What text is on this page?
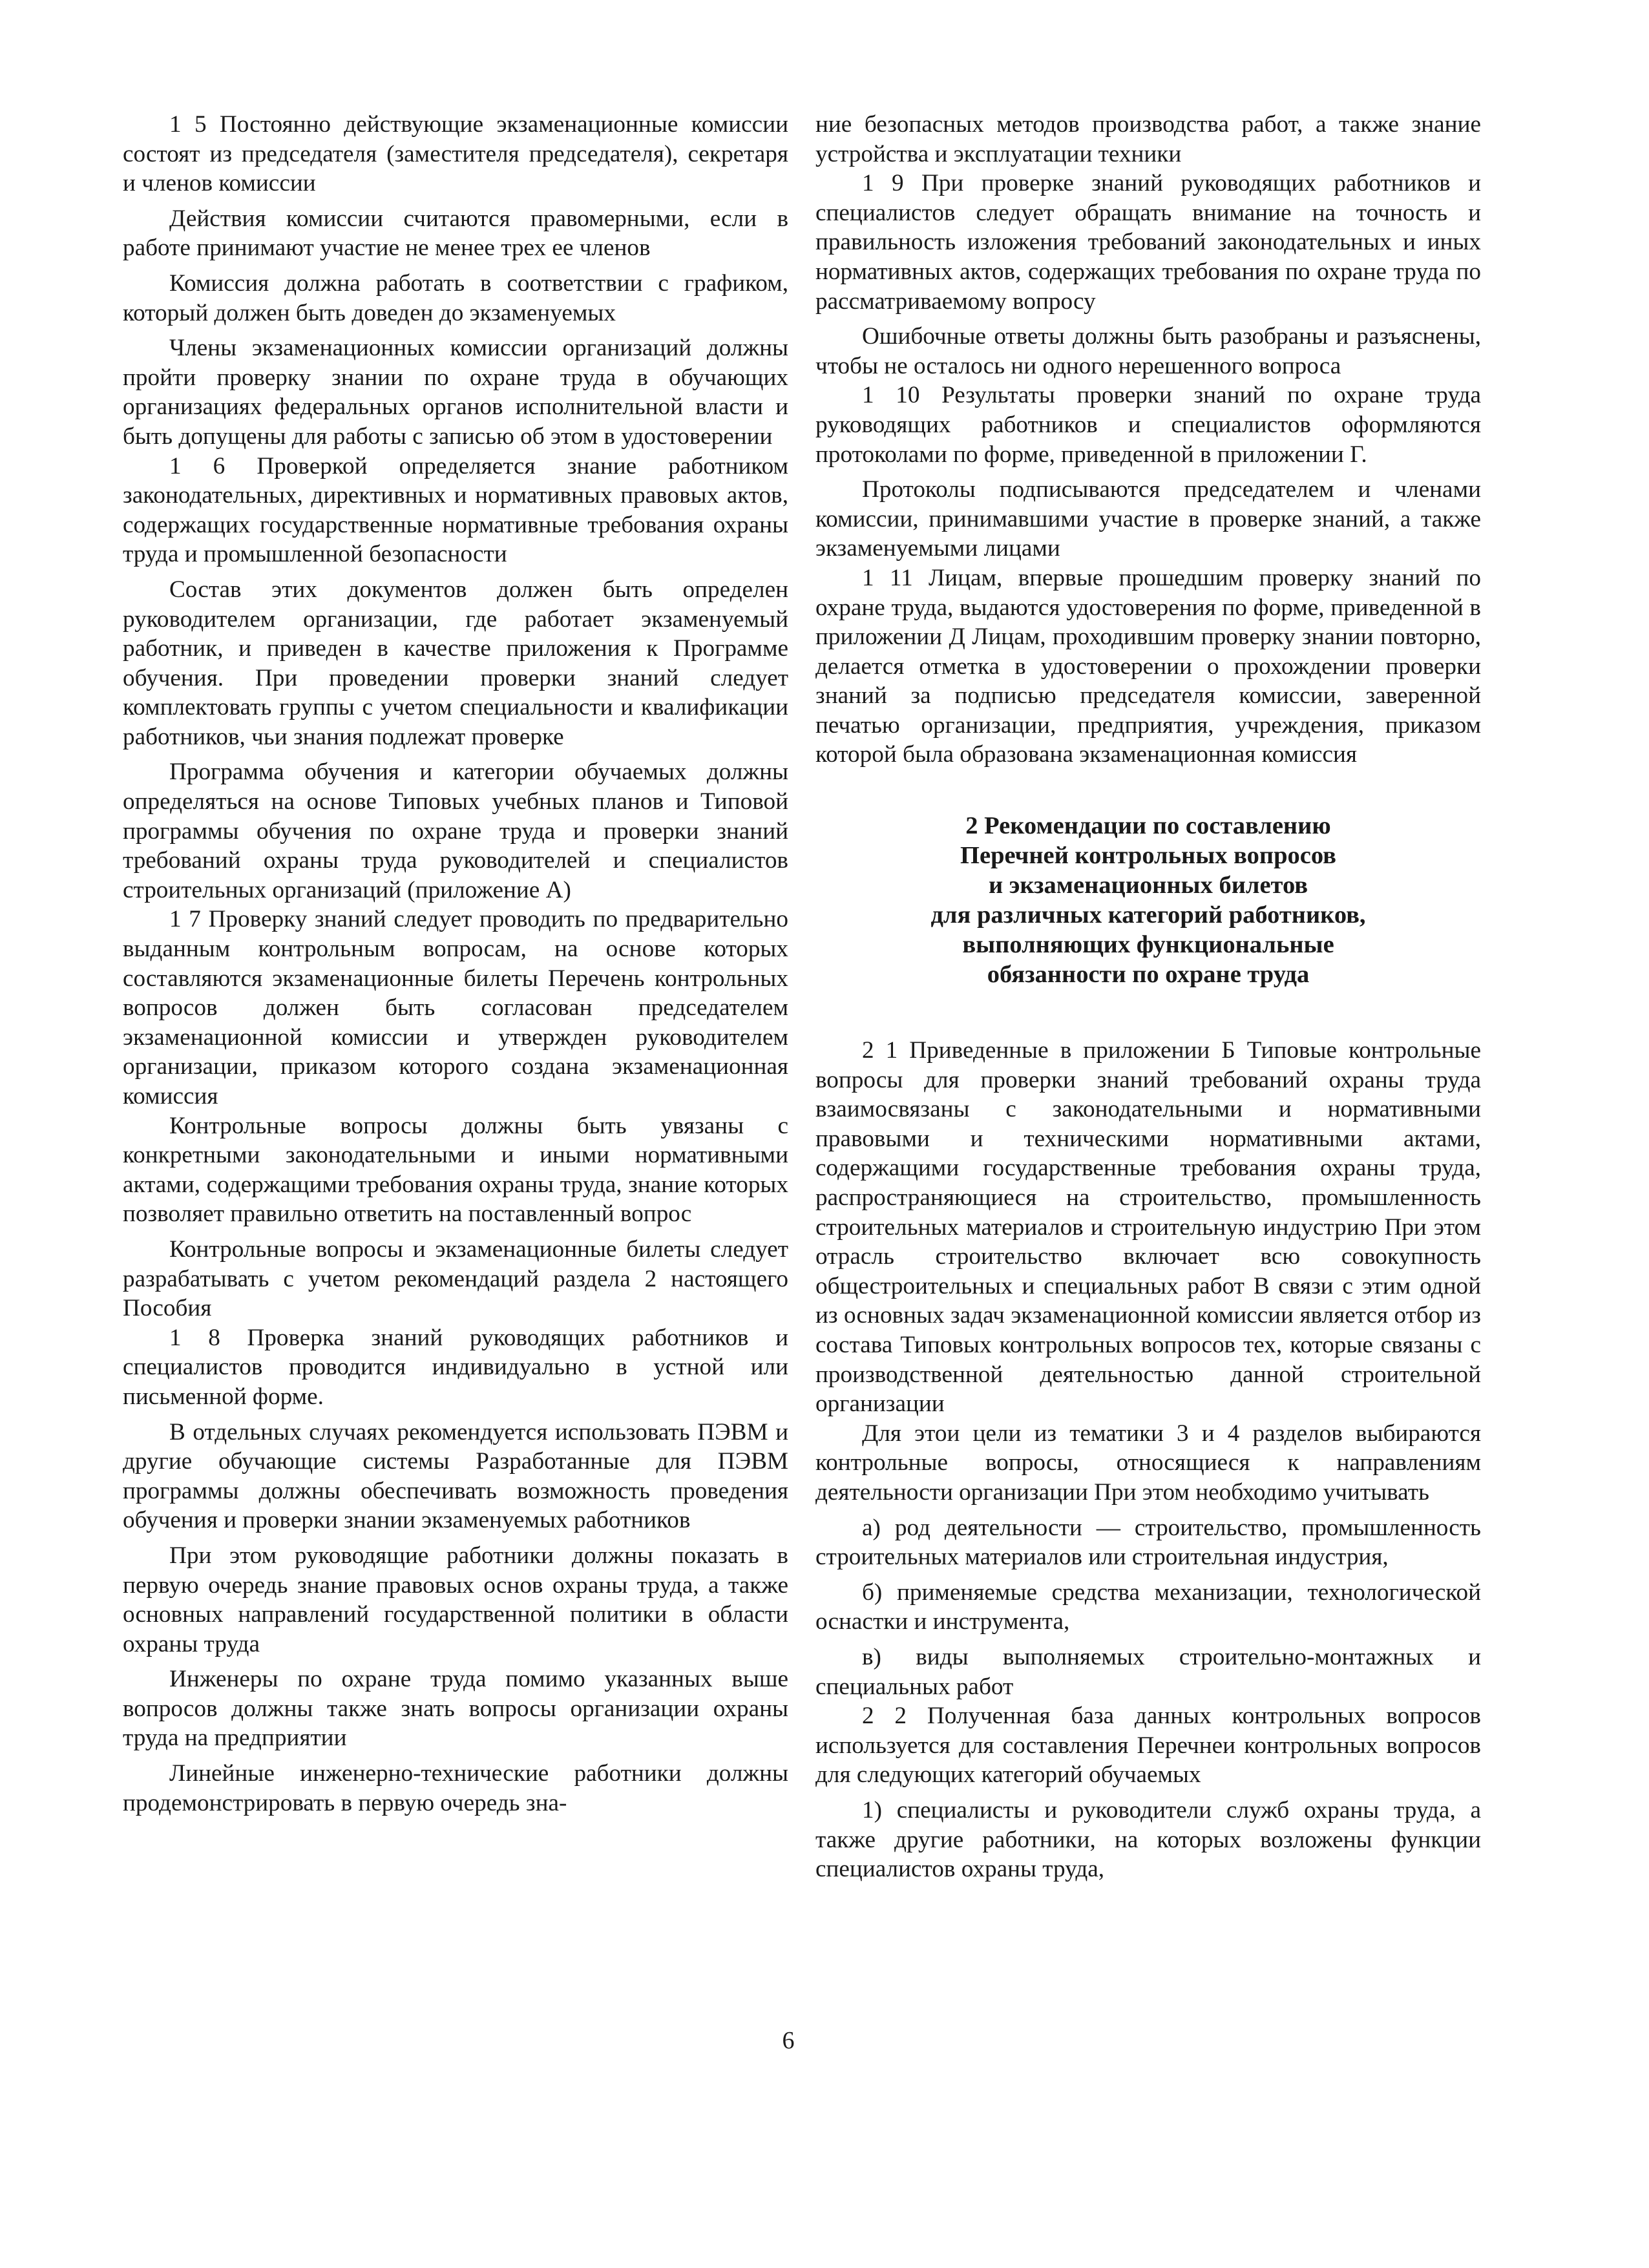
1 5 Постоянно действующие экзаменационные комиссии состоят из председателя (заместителя председателя), секретаря и членов комиссии

Действия комиссии считаются правомерными, если в работе принимают участие не менее трех ее членов

Комиссия должна работать в соответствии с графиком, который должен быть доведен до экзаменуемых

Члены экзаменационных комиссии организаций должны пройти проверку знании по охране труда в обучающих организациях федеральных органов исполнительной власти и быть допущены для работы с записью об этом в удостоверении

1 6 Проверкой определяется знание работником законодательных, директивных и нормативных правовых актов, содержащих государственные нормативные требования охраны труда и промышленной безопасности

Состав этих документов должен быть определен руководителем организации, где работает экзаменуемый работник, и приведен в качестве приложения к Программе обучения. При проведении проверки знаний следует комплектовать группы с учетом специальности и квалификации работников, чьи знания подлежат проверке

Программа обучения и категории обучаемых должны определяться на основе Типовых учебных планов и Типовой программы обучения по охране труда и проверки знаний требований охраны труда руководителей и специалистов строительных организаций (приложение А)

1 7 Проверку знаний следует проводить по предварительно выданным контрольным вопросам, на основе которых составляются экзаменационные билеты Перечень контрольных вопросов должен быть согласован председателем экзаменационной комиссии и утвержден руководителем организации, приказом которого создана экзаменационная комиссия

Контрольные вопросы должны быть увязаны с конкретными законодательными и иными нормативными актами, содержащими требования охраны труда, знание которых позволяет правильно ответить на поставленный вопрос

Контрольные вопросы и экзаменационные билеты следует разрабатывать с учетом рекомендаций раздела 2 настоящего Пособия

1 8 Проверка знаний руководящих работников и специалистов проводится индивидуально в устной или письменной форме.

В отдельных случаях рекомендуется использовать ПЭВМ и другие обучающие системы Разработанные для ПЭВМ программы должны обеспечивать возможность проведения обучения и проверки знании экзаменуемых работников

При этом руководящие работники должны показать в первую очередь знание правовых основ охраны труда, а также основных направлений государственной политики в области охраны труда

Инженеры по охране труда помимо указанных выше вопросов должны также знать вопросы организации охраны труда на предприятии

Линейные инженерно-технические работники должны продемонстрировать в первую очередь зна-

ние безопасных методов производства работ, а также знание устройства и эксплуатации техники

1 9 При проверке знаний руководящих работников и специалистов следует обращать внимание на точность и правильность изложения требований законодательных и иных нормативных актов, содержащих требования по охране труда по рассматриваемому вопросу

Ошибочные ответы должны быть разобраны и разъяснены, чтобы не осталось ни одного нерешенного вопроса

1 10 Результаты проверки знаний по охране труда руководящих работников и специалистов оформляются протоколами по форме, приведенной в приложении Г.

Протоколы подписываются председателем и членами комиссии, принимавшими участие в проверке знаний, а также экзаменуемыми лицами

1 11 Лицам, впервые прошедшим проверку знаний по охране труда, выдаются удостоверения по форме, приведенной в приложении Д Лицам, проходившим проверку знании повторно, делается отметка в удостоверении о прохождении проверки знаний за подписью председателя комиссии, заверенной печатью организации, предприятия, учреждения, приказом которой была образована экзаменационная комиссия

2 Рекомендации по составлению
Перечней контрольных вопросов
и экзаменационных билетов
для различных категорий работников,
выполняющих функциональные
обязанности по охране труда

2 1 Приведенные в приложении Б Типовые контрольные вопросы для проверки знаний требований охраны труда взаимосвязаны с законодательными и нормативными правовыми и техническими нормативными актами, содержащими государственные требования охраны труда, распространяющиеся на строительство, промышленность строительных материалов и строительную индустрию При этом отрасль строительство включает всю совокупность общестроительных и специальных работ В связи с этим одной из основных задач экзаменационной комиссии является отбор из состава Типовых контрольных вопросов тех, которые связаны с производственной деятельностью данной строительной организации

Для этои цели из тематики 3 и 4 разделов выбираются контрольные вопросы, относящиеся к направлениям деятельности организации При этом необходимо учитывать

а) род деятельности — строительство, промышленность строительных материалов или строительная индустрия,

б) применяемые средства механизации, технологической оснастки и инструмента,

в) виды выполняемых строительно-монтажных и специальных работ

2 2 Полученная база данных контрольных вопросов используется для составления Перечнеи контрольных вопросов для следующих категорий обучаемых

1) специалисты и руководители служб охраны труда, а также другие работники, на которых возложены функции специалистов охраны труда,

6
